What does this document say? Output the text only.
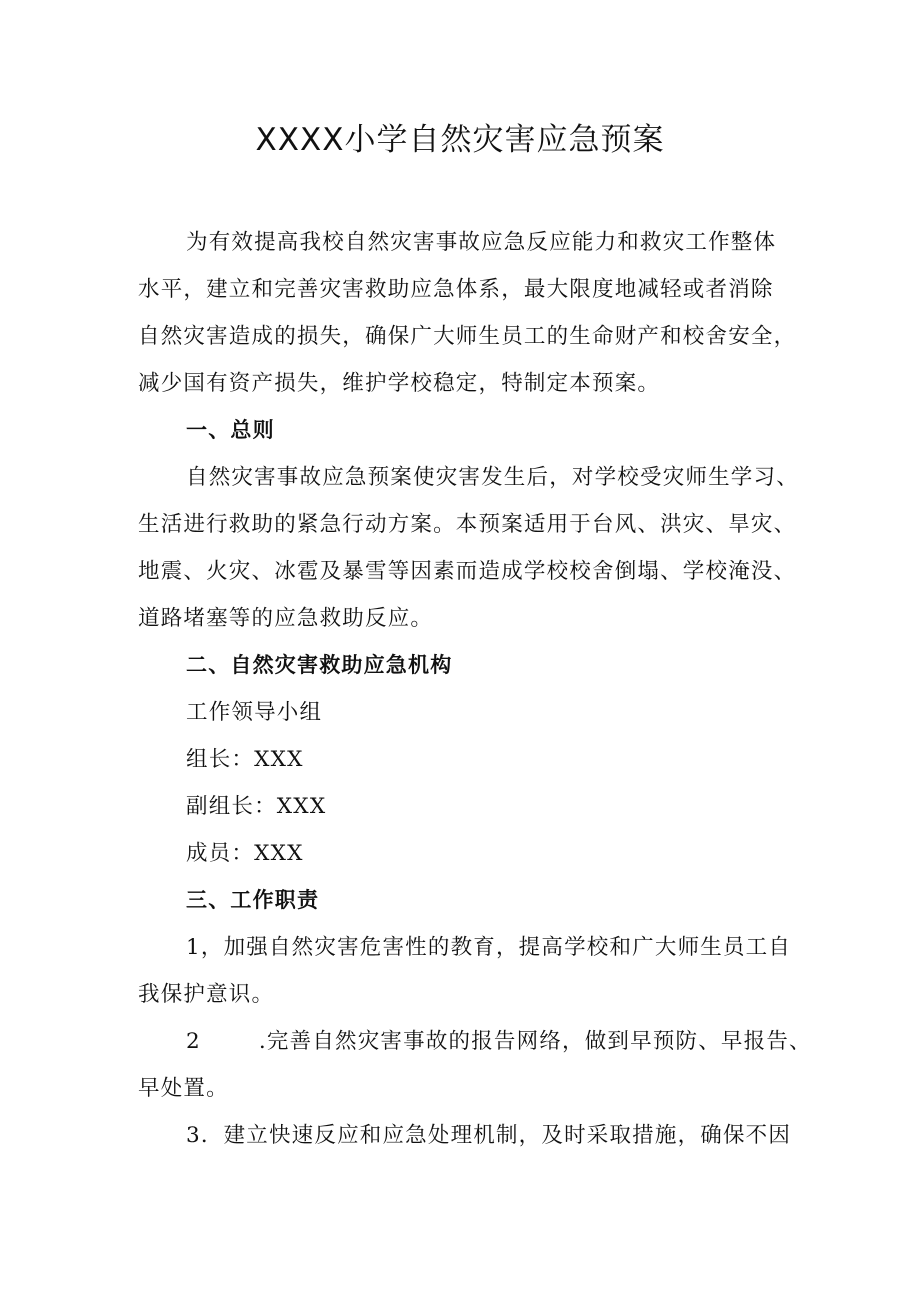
XXXX小学自然灾害应急预案
为有效提高我校自然灾害事故应急反应能力和救灾工作整体
水平，建立和完善灾害救助应急体系，最大限度地减轻或者消除
自然灾害造成的损失，确保广大师生员工的生命财产和校舍安全，
减少国有资产损失，维护学校稳定，特制定本预案。
一、总则
自然灾害事故应急预案使灾害发生后，对学校受灾师生学习、
生活进行救助的紧急行动方案。本预案适用于台风、洪灾、旱灾、
地震、火灾、冰雹及暴雪等因素而造成学校校舍倒塌、学校淹没、
道路堵塞等的应急救助反应。
二、自然灾害救助应急机构
工作领导小组
组长：XXX
副组长：XXX
成员：XXX
三、工作职责
1，加强自然灾害危害性的教育，提高学校和广大师生员工自
我保护意识。
2	.完善自然灾害事故的报告网络，做到早预防、早报告、
早处置。
3．建立快速反应和应急处理机制，及时采取措施，确保不因
